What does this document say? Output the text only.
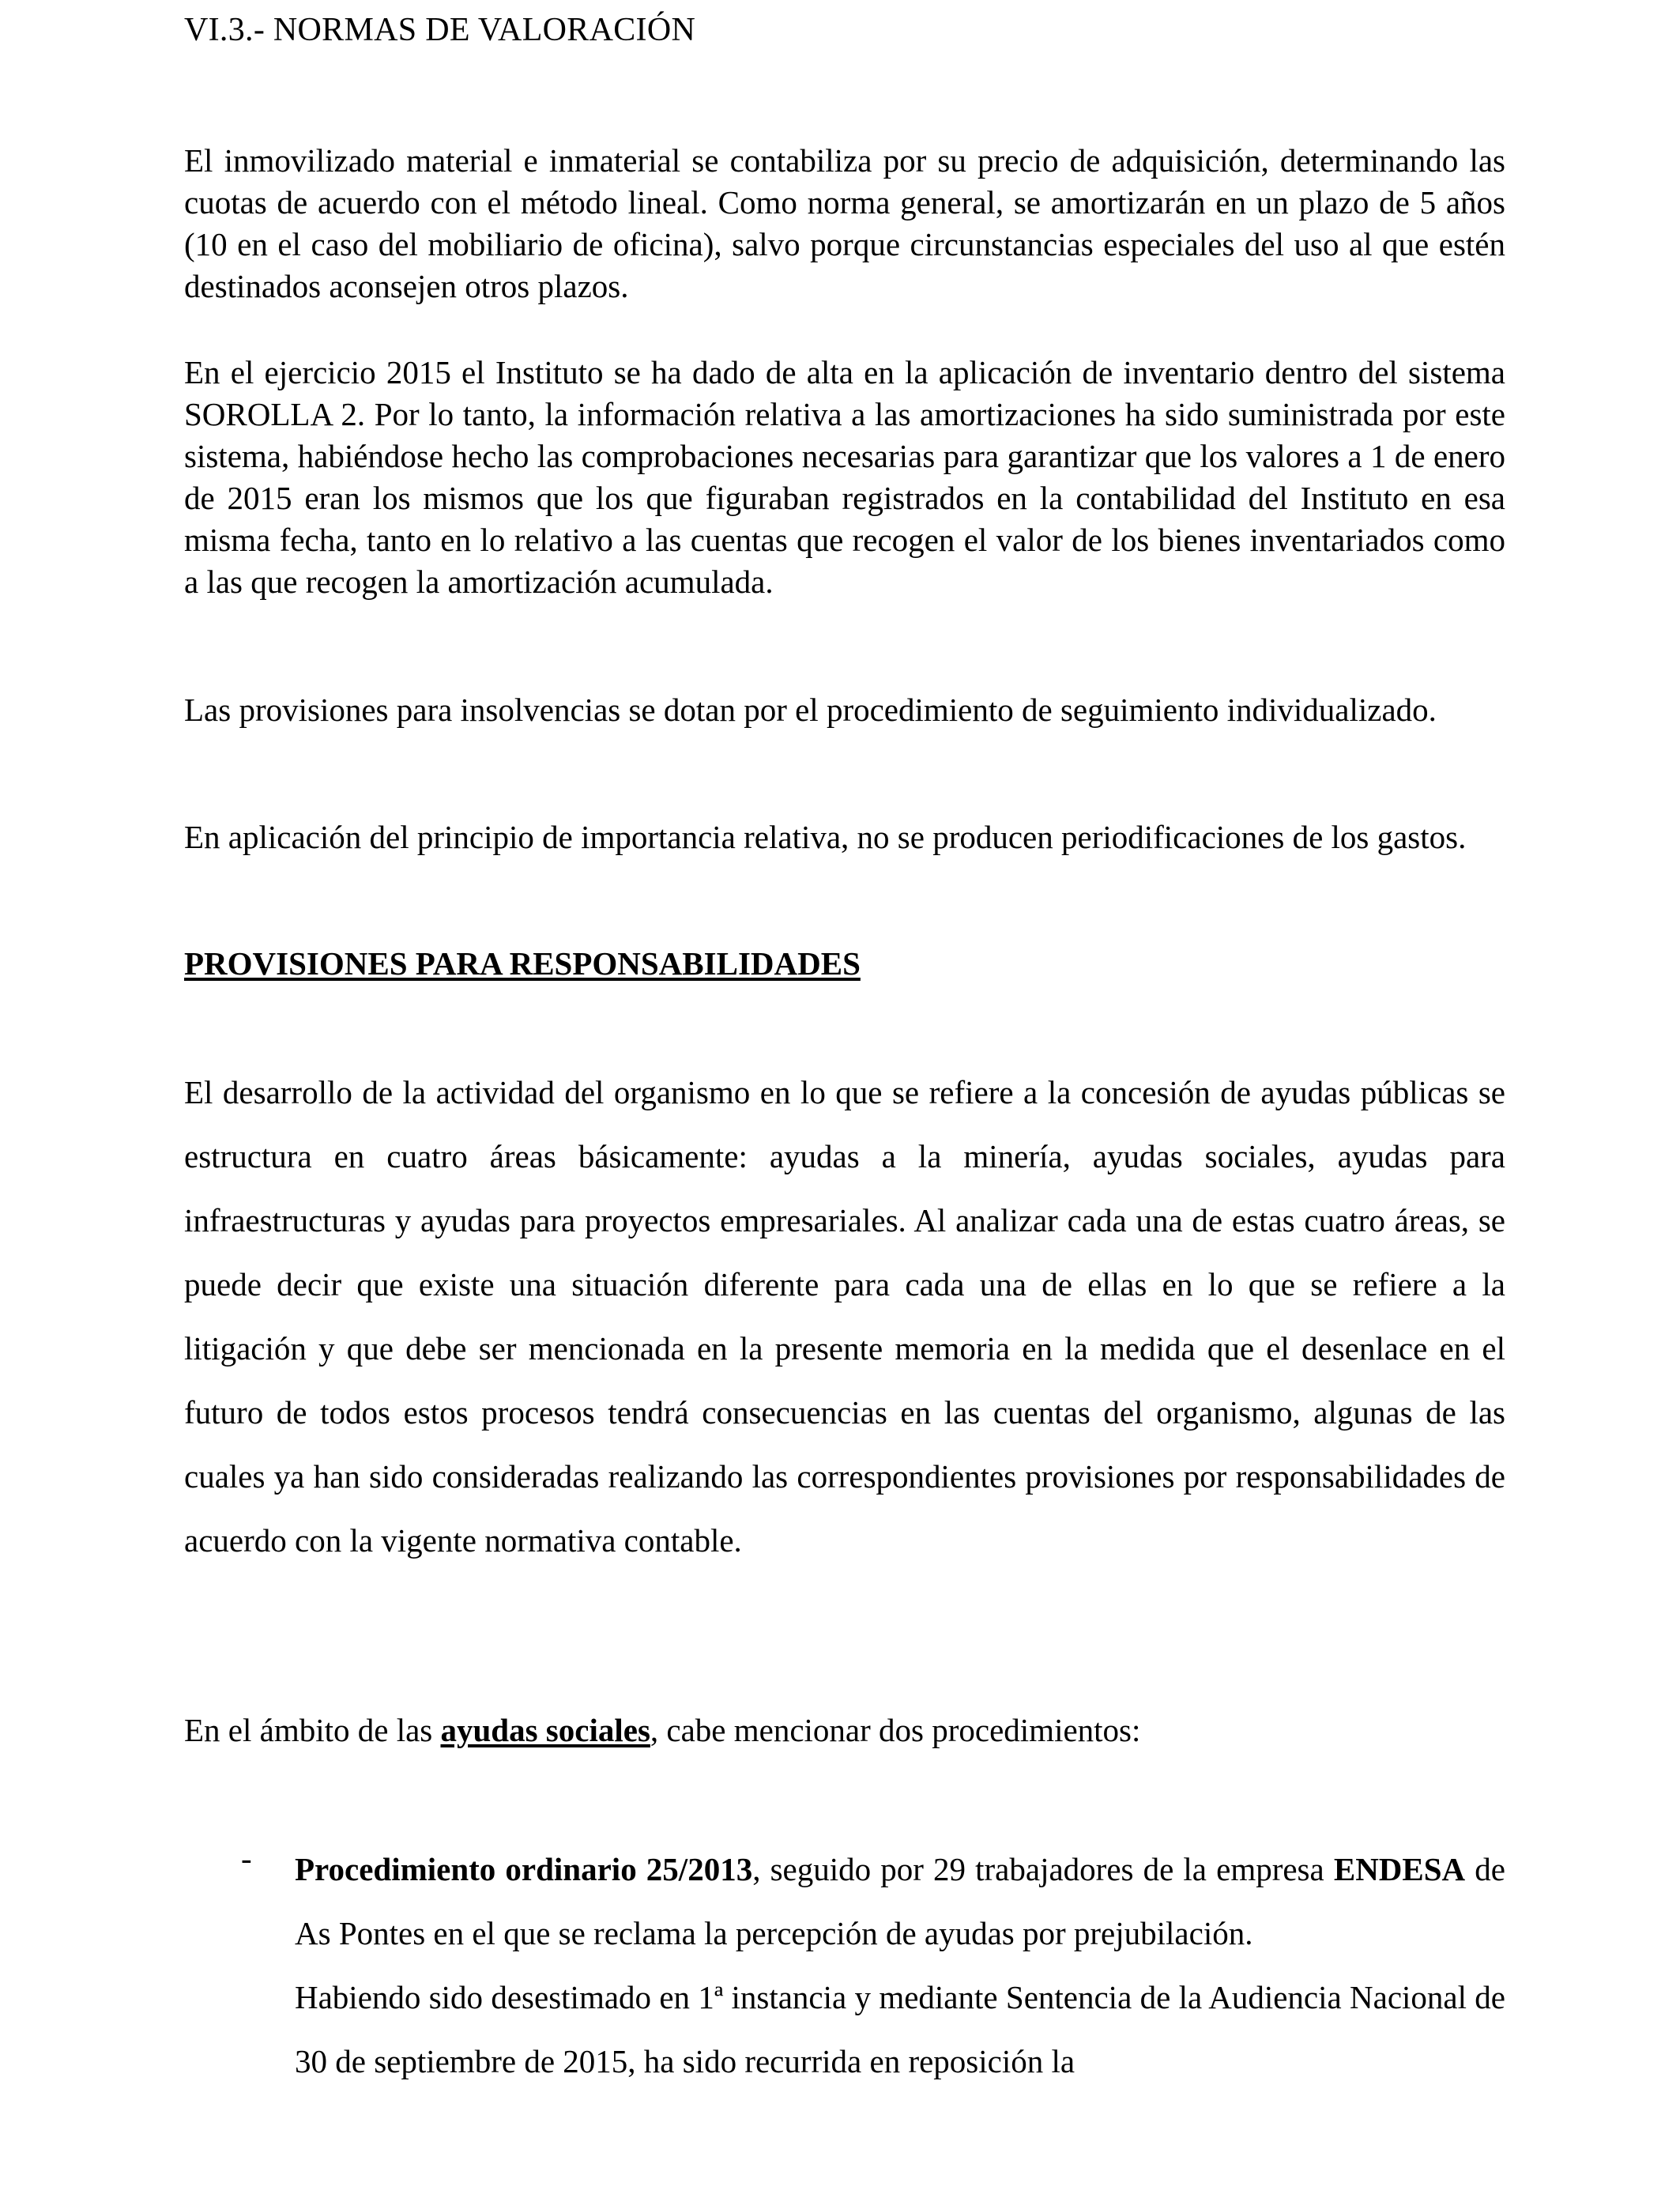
VI.3.- NORMAS DE VALORACIÓN

El inmovilizado material e inmaterial se contabiliza por su precio de adquisición, determinando las cuotas de acuerdo con el método lineal. Como norma general, se amortizarán en un plazo de 5 años (10 en el caso del mobiliario de oficina), salvo porque circunstancias especiales del uso al que estén destinados aconsejen otros plazos.

En el ejercicio 2015 el Instituto se ha dado de alta en la aplicación de inventario dentro del sistema SOROLLA 2. Por lo tanto, la información relativa a las amortizaciones ha sido suministrada por este sistema, habiéndose hecho las comprobaciones necesarias para garantizar que los valores a 1 de enero de 2015 eran los mismos que los que figuraban registrados en la contabilidad del Instituto en esa misma fecha, tanto en lo relativo a las cuentas que recogen el valor de los bienes inventariados como a las que recogen la amortización acumulada.

Las provisiones para insolvencias se dotan por el procedimiento de seguimiento individualizado.

En aplicación del principio de importancia relativa, no se producen periodificaciones de los gastos.

PROVISIONES PARA RESPONSABILIDADES

El desarrollo de la actividad del organismo en lo que se refiere a la concesión de ayudas públicas se estructura en cuatro áreas básicamente: ayudas a la minería, ayudas sociales, ayudas para infraestructuras y ayudas para proyectos empresariales. Al analizar cada una de estas cuatro áreas, se puede decir que existe una situación diferente para cada una de ellas en lo que se refiere a la litigación y que debe ser mencionada en la presente memoria en la medida que el desenlace en el futuro de todos estos procesos tendrá consecuencias en las cuentas del organismo, algunas de las cuales ya han sido consideradas realizando las correspondientes provisiones por responsabilidades de acuerdo con la vigente normativa contable.

En el ámbito de las ayudas sociales, cabe mencionar dos procedimientos:
- Procedimiento ordinario 25/2013, seguido por 29 trabajadores de la empresa ENDESA de As Pontes en el que se reclama la percepción de ayudas por prejubilación.

Habiendo sido desestimado en 1ª instancia y mediante Sentencia de la Audiencia Nacional de 30 de septiembre de 2015, ha sido recurrida en reposición la
